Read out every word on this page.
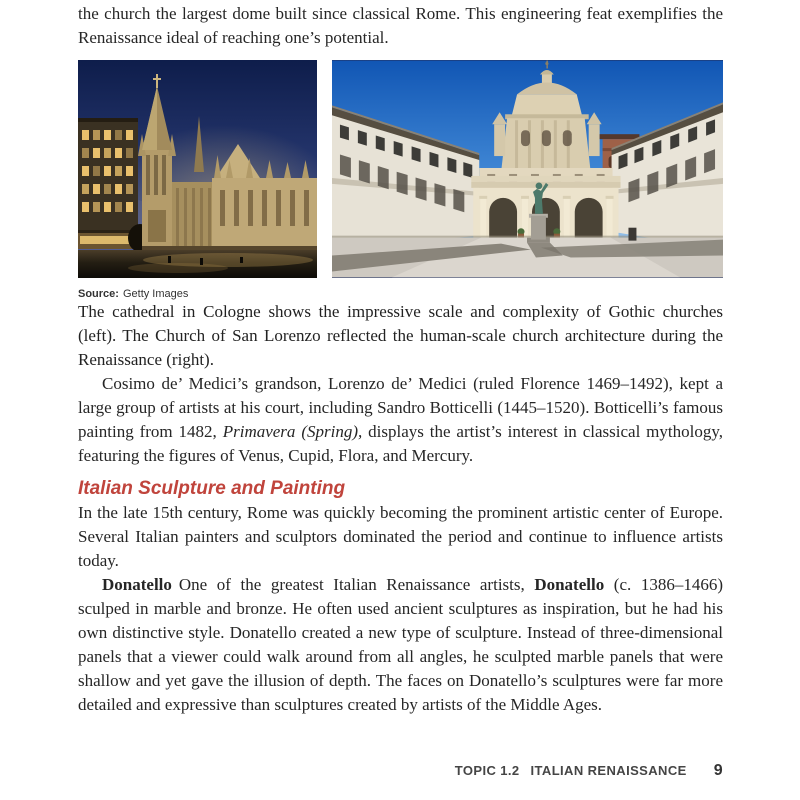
the church the largest dome built since classical Rome. This engineering feat exemplifies the Renaissance ideal of reaching one’s potential.

Source: Getty Images

The cathedral in Cologne shows the impressive scale and complexity of Gothic churches (left). The Church of San Lorenzo reflected the human-scale church architecture during the Renaissance (right).

Cosimo de’ Medici’s grandson, Lorenzo de’ Medici (ruled Florence 1469–1492), kept a large group of artists at his court, including Sandro Botticelli (1445–1520). Botticelli’s famous painting from 1482, Primavera (Spring), displays the artist’s interest in classical mythology, featuring the figures of Venus, Cupid, Flora, and Mercury.

Italian Sculpture and Painting

In the late 15th century, Rome was quickly becoming the prominent artistic center of Europe. Several Italian painters and sculptors dominated the period and continue to influence artists today.

Donatello One of the greatest Italian Renaissance artists, Donatello (c. 1386–1466) sculped in marble and bronze. He often used ancient sculptures as inspiration, but he had his own distinctive style. Donatello created a new type of sculpture. Instead of three-dimensional panels that a viewer could walk around from all angles, he sculpted marble panels that were shallow and yet gave the illusion of depth. The faces on Donatello’s sculptures were far more detailed and expressive than sculptures created by artists of the Middle Ages.

TOPIC 1.2 ITALIAN RENAISSANCE 9
